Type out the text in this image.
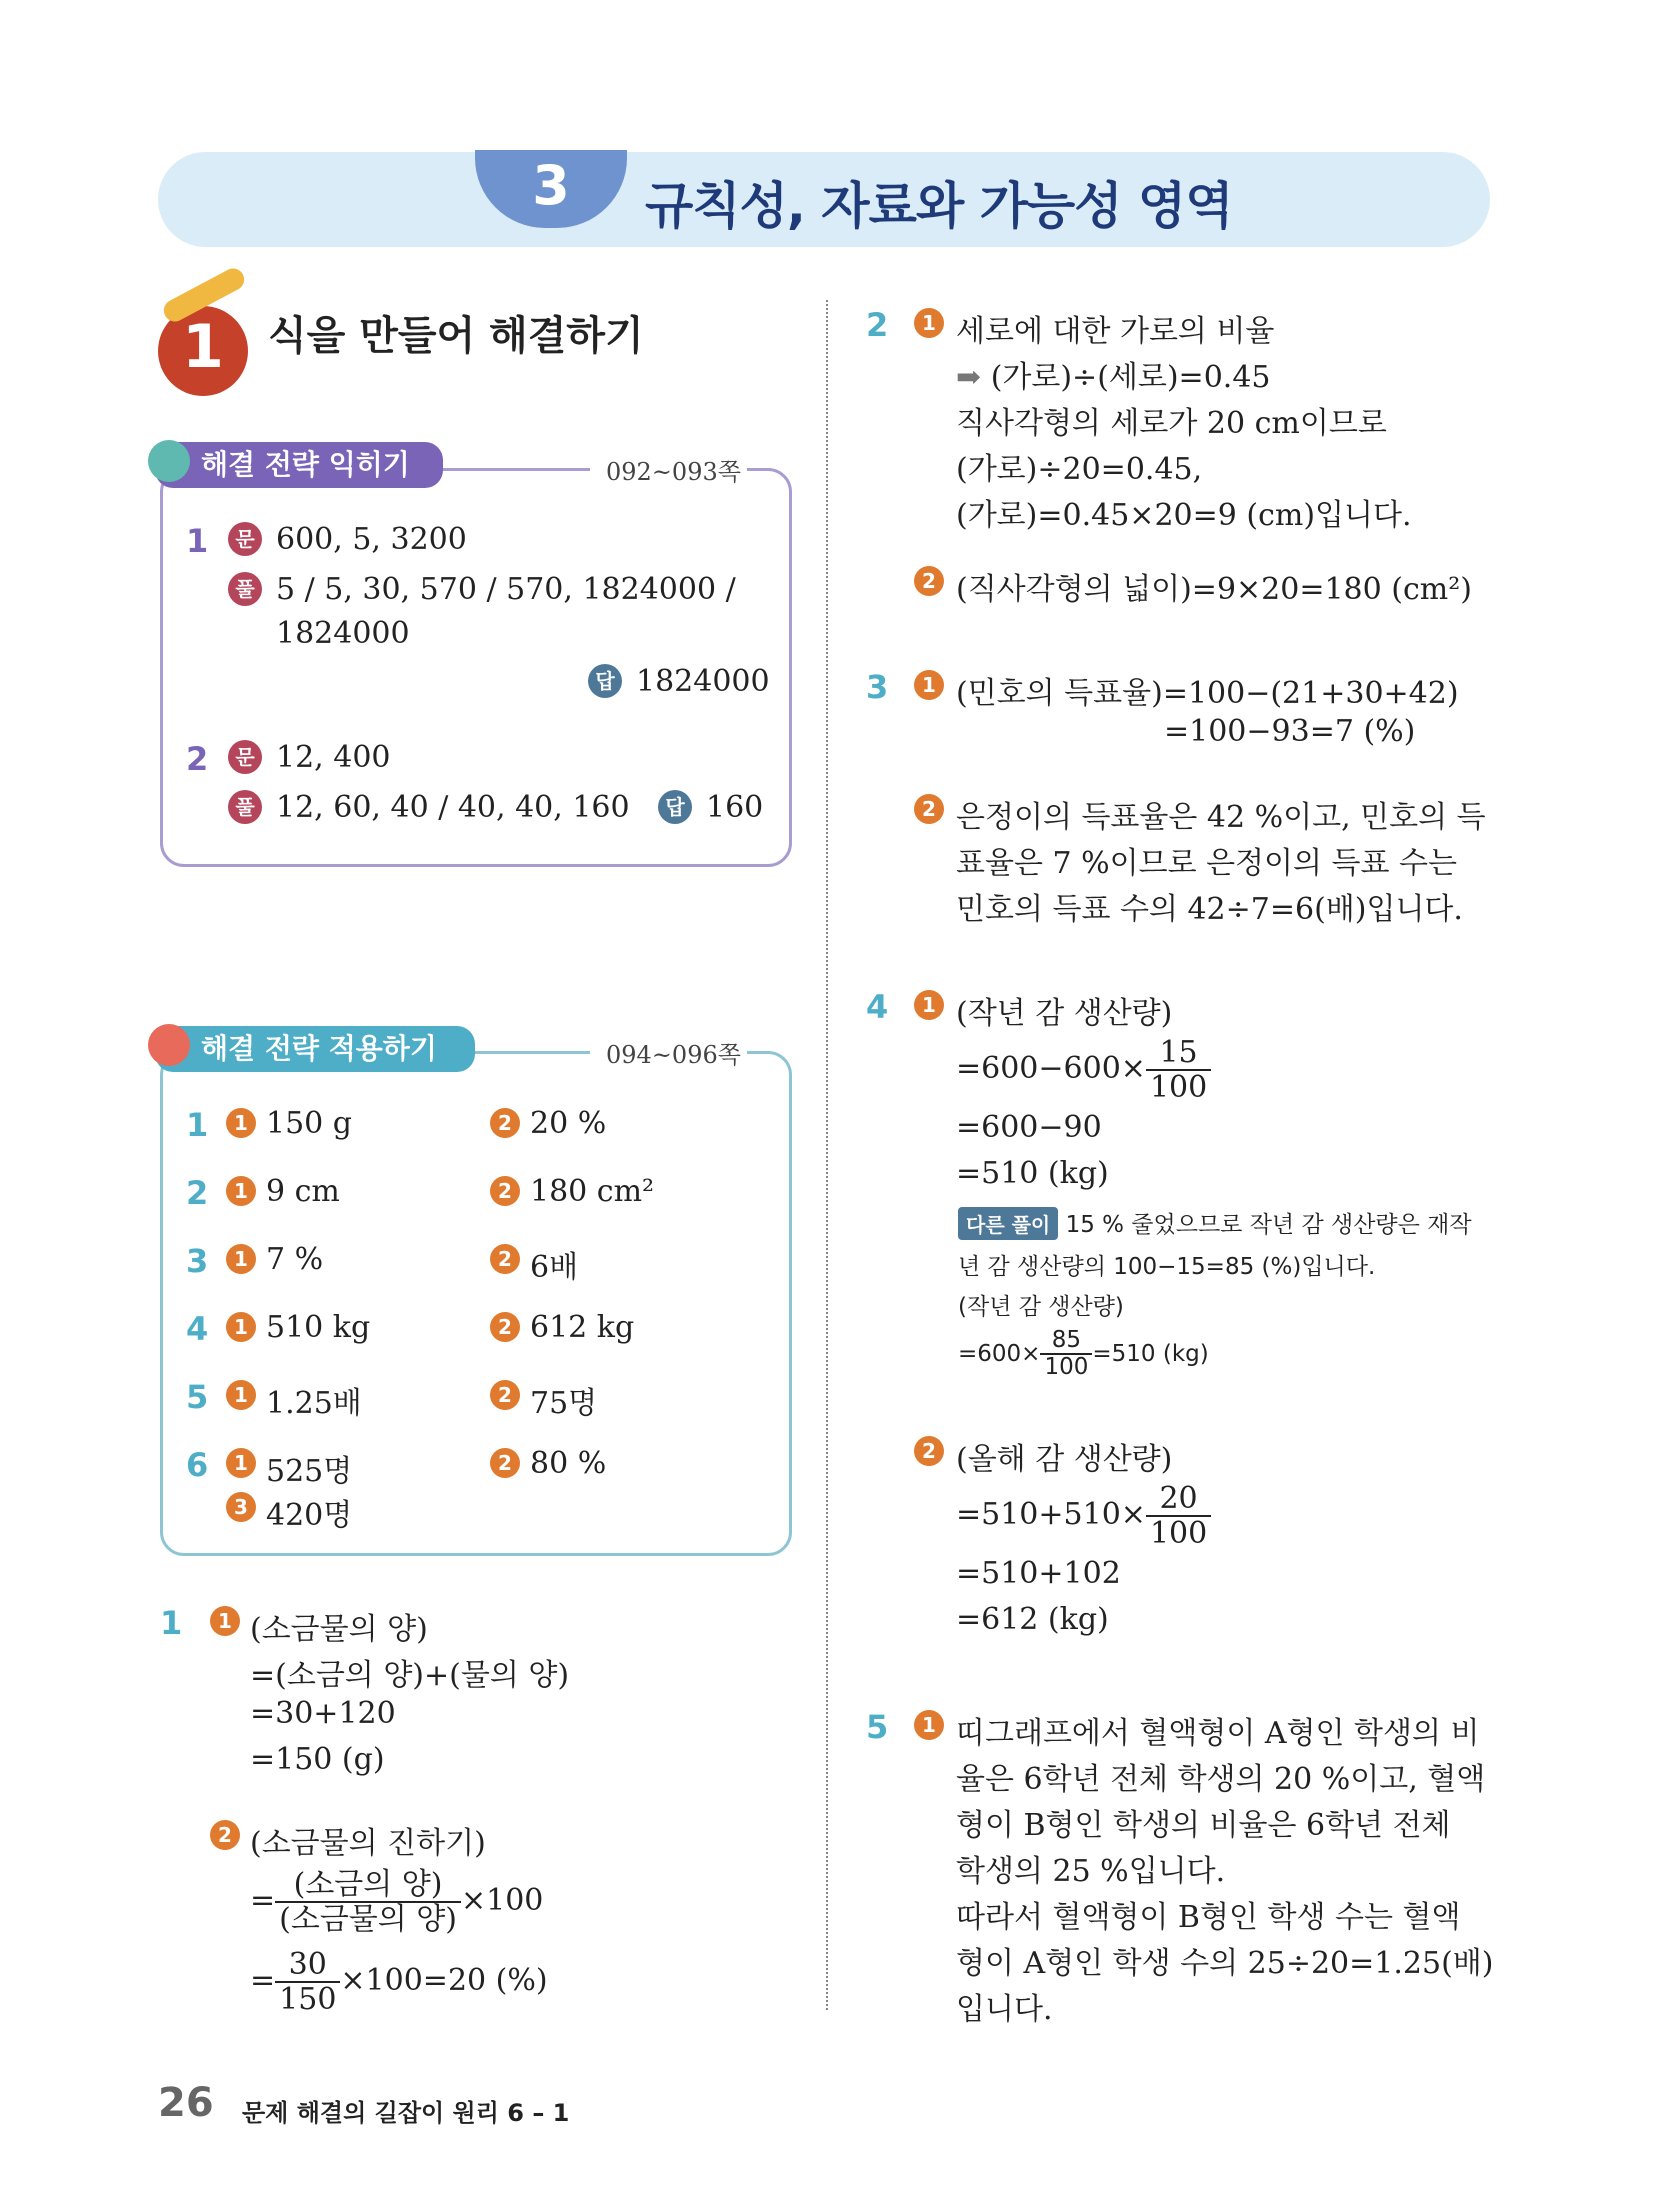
3	규칙성, 자료와 가능성 영역
1	식을 만들어 해결하기
092~093쪽
해결 전략 익히기
1	문 600, 5, 3200
풀 5 / 5, 30, 570 / 570, 1824000 /
1824000
답 1824000
2	문 12, 400
풀 12, 60, 40 / 40, 40, 160	답 160
094~096쪽
해결 전략 적용하기
1	1 150 g	2 20 %
2	1 9 cm	2 180 cm²
3	1 7 %	2 6배
4	1 510 kg	2 612 kg
5	1 1.25배	2 75명
6	1 525명	2 80 %
3 420명
1	1 (소금물의 양)
=(소금의 양)+(물의 양)
=30+120
=150 (g)
2 (소금물의 진하기)
= $\frac{\text{(소금의 양)}}{\text{(소금물의 양)}} \times 100$
= $\frac{30}{150} \times 100=20$ (%)
2	1 세로에 대한 가로의 비율
➡ (가로)÷(세로)=0.45
직사각형의 세로가 20 cm이므로
(가로)÷20=0.45,
(가로)=0.45×20=9 (cm)입니다.
2 (직사각형의 넓이)=9×20=180 (cm²)
3	1 (민호의 득표율)=100−(21+30+42)
=100−93=7 (%)
2 은정이의 득표율은 42 %이고, 민호의 득
표율은 7 %이므로 은정이의 득표 수는
민호의 득표 수의 42÷7=6(배)입니다.
4	1 (작년 감 생산량)
$=600-600\times \frac{15}{100}$
=600−90
=510 (kg)
다른 풀이 15 % 줄었으므로 작년 감 생산량은 재작
년 감 생산량의 100−15=85 (%)입니다.
(작년 감 생산량)
$=600\times \frac{85}{100} =510$ (kg)
2 (올해 감 생산량)
$=510+510\times \frac{20}{100}$
=510+102
=612 (kg)
5	1 띠그래프에서 혈액형이 A형인 학생의 비
율은 6학년 전체 학생의 20 %이고, 혈액
형이 B형인 학생의 비율은 6학년 전체
학생의 25 %입니다.
따라서 혈액형이 B형인 학생 수는 혈액
형이 A형인 학생 수의 25÷20=1.25(배)
입니다.
26 문제 해결의 길잡이 원리 6 – 1
